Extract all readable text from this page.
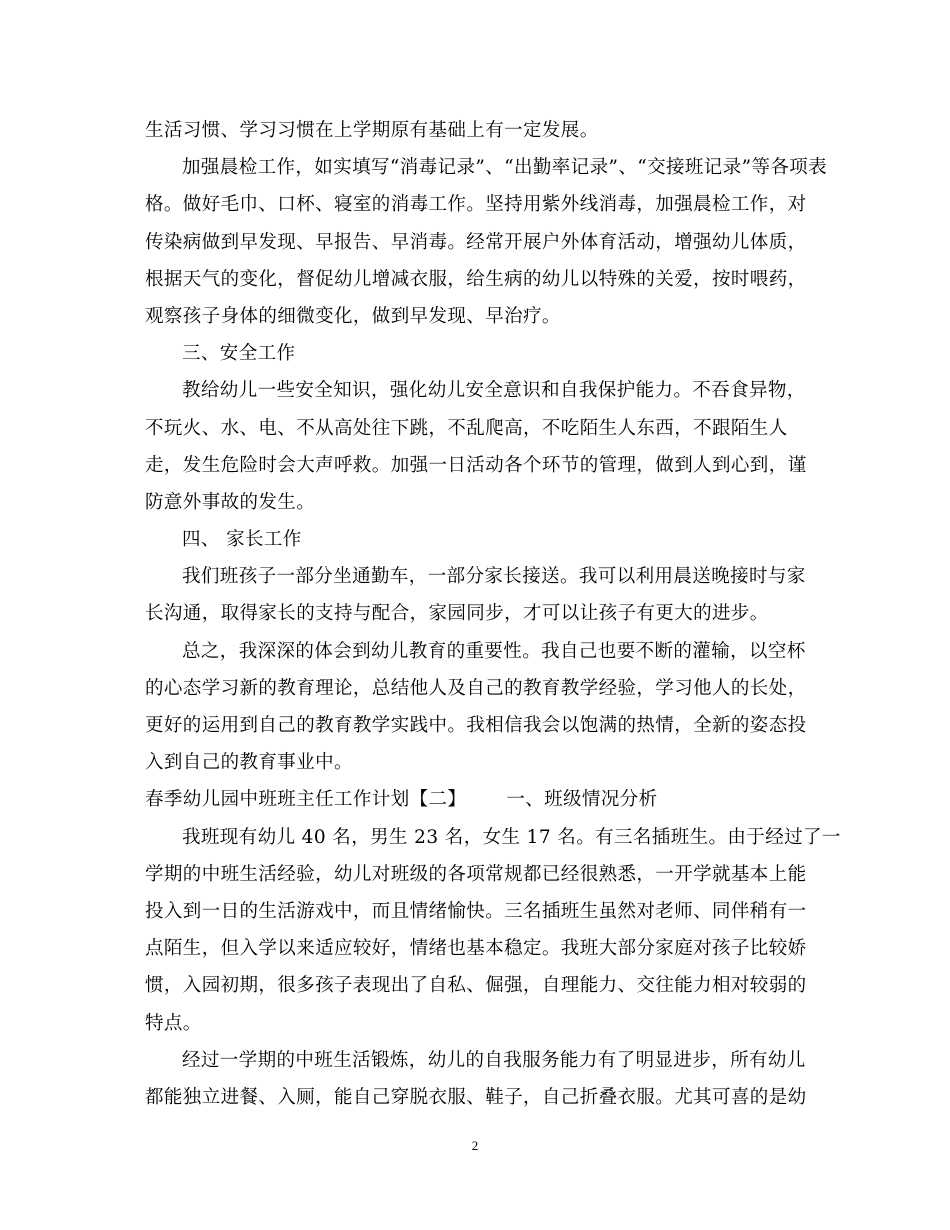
生活习惯、学习习惯在上学期原有基础上有一定发展。
加强晨检工作，如实填写“消毒记录”、“出勤率记录”、“交接班记录”等各项表
格。做好毛巾、口杯、寝室的消毒工作。坚持用紫外线消毒，加强晨检工作，对
传染病做到早发现、早报告、早消毒。经常开展户外体育活动，增强幼儿体质，
根据天气的变化，督促幼儿增减衣服，给生病的幼儿以特殊的关爱，按时喂药，
观察孩子身体的细微变化，做到早发现、早治疗。
三、安全工作
教给幼儿一些安全知识，强化幼儿安全意识和自我保护能力。不吞食异物，
不玩火、水、电、不从高处往下跳，不乱爬高，不吃陌生人东西，不跟陌生人
走，发生危险时会大声呼救。加强一日活动各个环节的管理，做到人到心到，谨
防意外事故的发生。
四、 家长工作
我们班孩子一部分坐通勤车，一部分家长接送。我可以利用晨送晚接时与家
长沟通，取得家长的支持与配合，家园同步，才可以让孩子有更大的进步。
总之，我深深的体会到幼儿教育的重要性。我自己也要不断的灌输，以空杯
的心态学习新的教育理论，总结他人及自己的教育教学经验，学习他人的长处，
更好的运用到自己的教育教学实践中。我相信我会以饱满的热情，全新的姿态投
入到自己的教育事业中。
春季幼儿园中班班主任工作计划【二】 一、班级情况分析
我班现有幼儿 40 名，男生 23 名，女生 17 名。有三名插班生。由于经过了一
学期的中班生活经验，幼儿对班级的各项常规都已经很熟悉，一开学就基本上能
投入到一日的生活游戏中，而且情绪愉快。三名插班生虽然对老师、同伴稍有一
点陌生，但入学以来适应较好，情绪也基本稳定。我班大部分家庭对孩子比较娇
惯，入园初期，很多孩子表现出了自私、倔强，自理能力、交往能力相对较弱的
特点。
经过一学期的中班生活锻炼，幼儿的自我服务能力有了明显进步，所有幼儿
都能独立进餐、入厕，能自己穿脱衣服、鞋子，自己折叠衣服。尤其可喜的是幼
2
